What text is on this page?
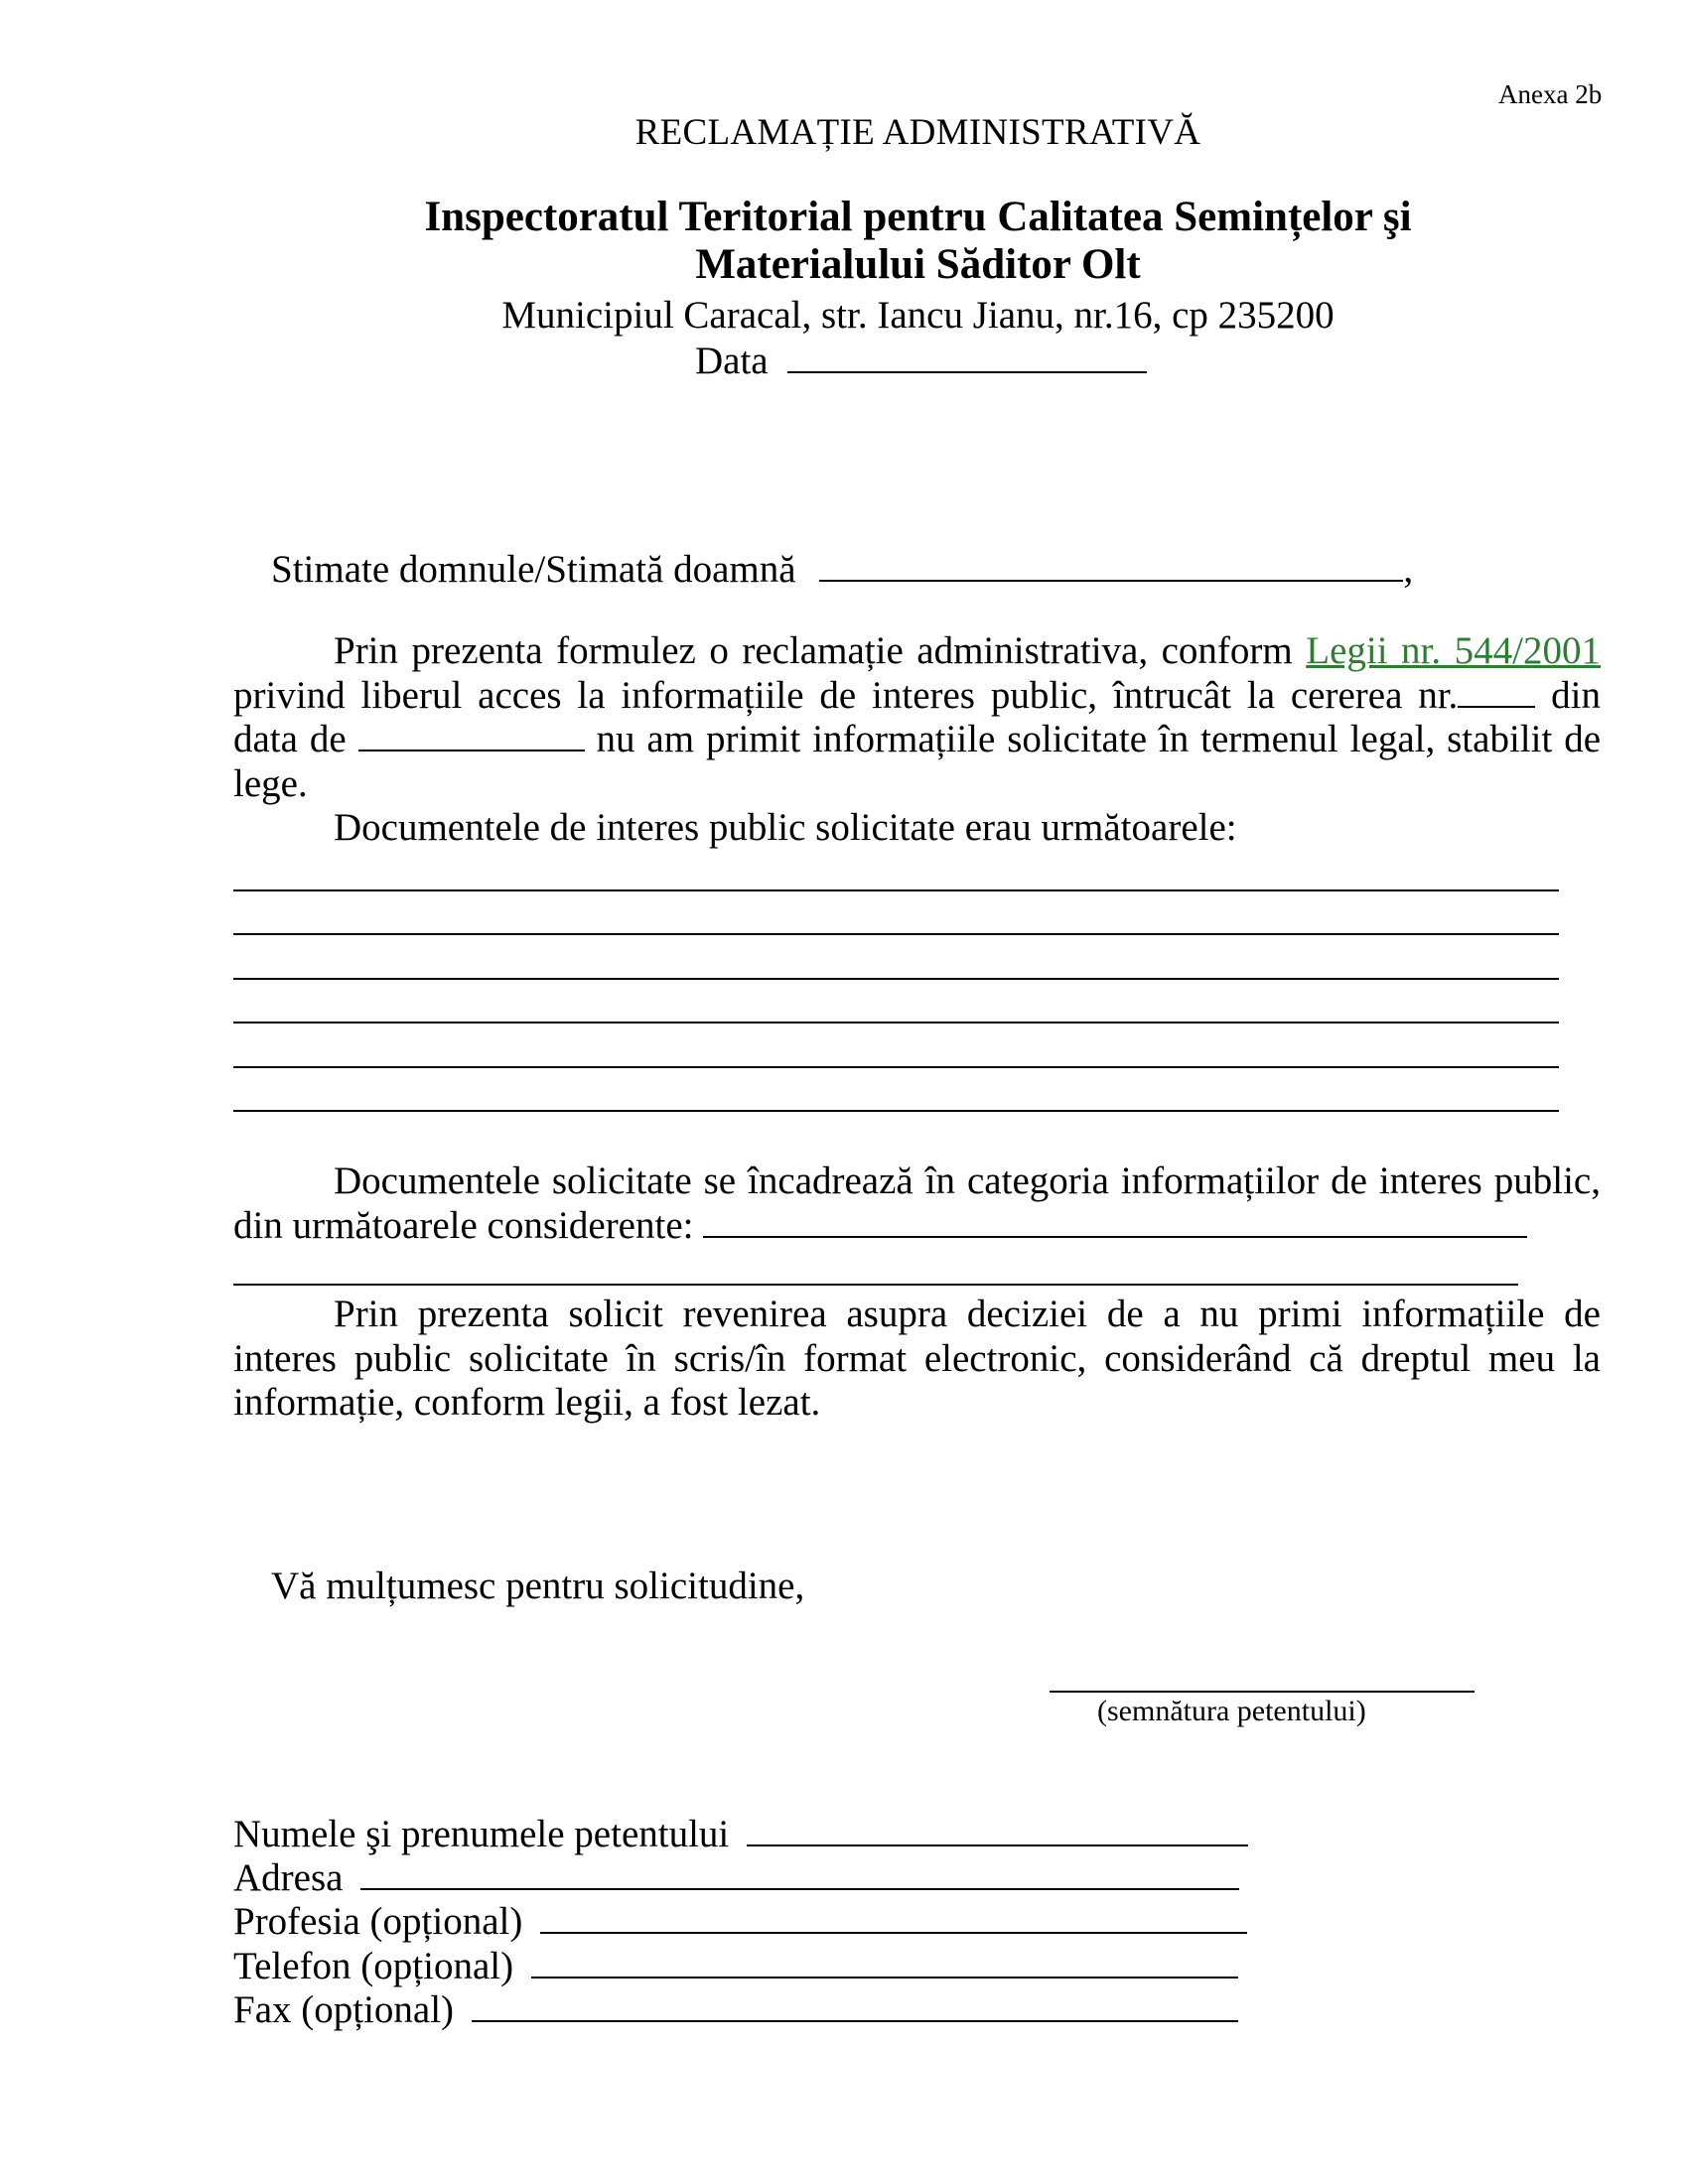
Anexa 2b
RECLAMAȚIE ADMINISTRATIVĂ
Inspectoratul Teritorial pentru Calitatea Semințelor şi
Materialului Săditor Olt
Municipiul Caracal, str. Iancu Jianu, nr.16, cp 235200
Data
Stimate domnule/Stimată doamnă	,
Prin prezenta formulez o reclamație administrativa, conform Legii nr. 544/2001 privind liberul acces la informațiile de interes public, întrucât la cererea nr. din data de	nu am primit informațiile solicitate în termenul legal, stabilit de lege.
Documentele de interes public solicitate erau următoarele:
Documentele solicitate se încadrează în categoria informațiilor de interes public, din următoarele considerente:
Prin prezenta solicit revenirea asupra deciziei de a nu primi informațiile de interes public solicitate în scris/în format electronic, considerând că dreptul meu la informație, conform legii, a fost lezat.
Vă mulțumesc pentru solicitudine,
(semnătura petentului)
Numele şi prenumele petentului
Adresa
Profesia (opțional)
Telefon (opțional)
Fax (opțional)
